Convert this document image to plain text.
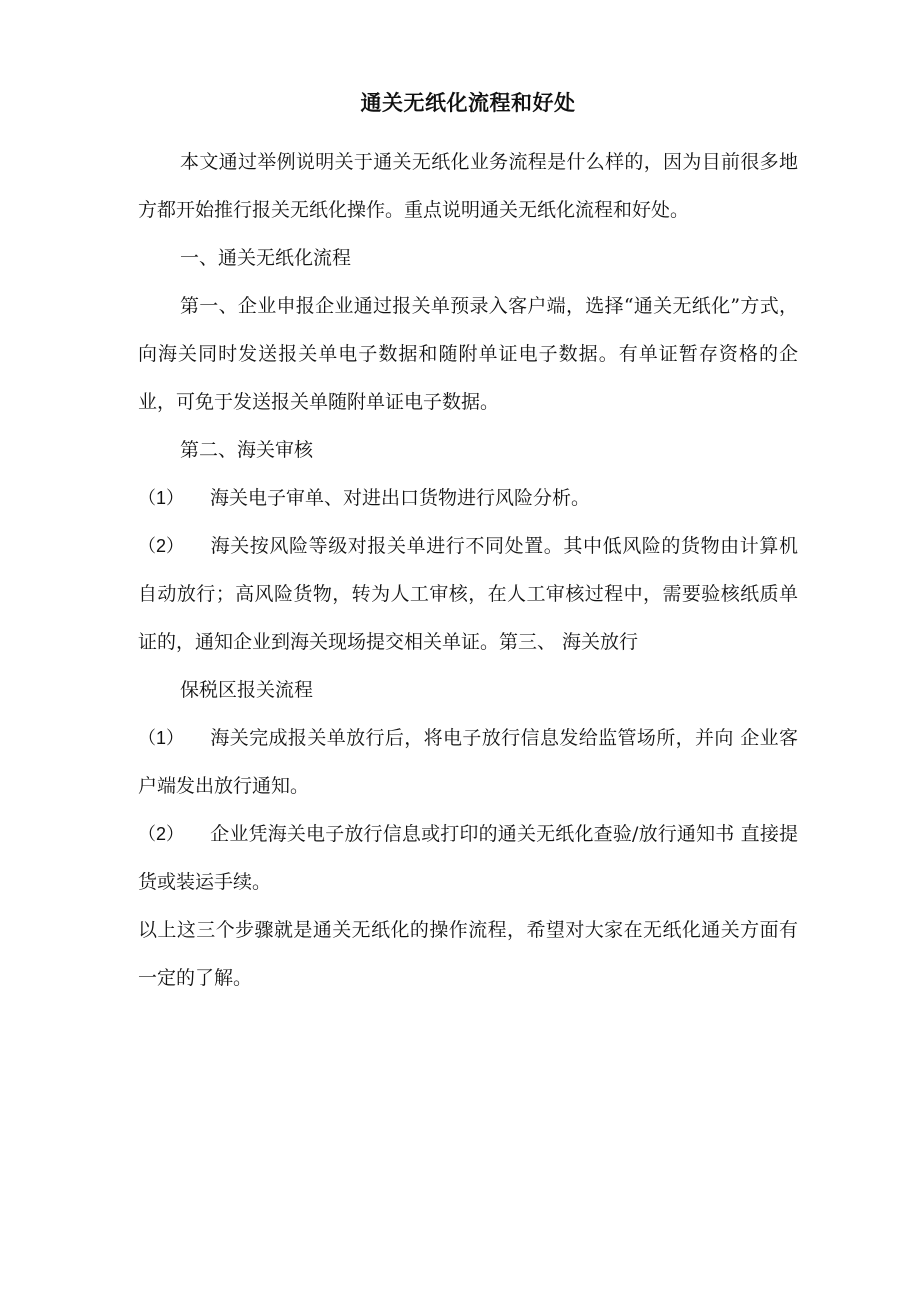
通关无纸化流程和好处

本文通过举例说明关于通关无纸化业务流程是什么样的，因为目前很多地方都开始推行报关无纸化操作。重点说明通关无纸化流程和好处。

一、通关无纸化流程

第一、企业申报企业通过报关单预录入客户端，选择“通关无纸化”方式，向海关同时发送报关单电子数据和随附单证电子数据。有单证暂存资格的企业，可免于发送报关单随附单证电子数据。

第二、海关审核

（1） 海关电子审单、对进出口货物进行风险分析。

（2） 海关按风险等级对报关单进行不同处置。其中低风险的货物由计算机自动放行；高风险货物，转为人工审核，在人工审核过程中，需要验核纸质单证的，通知企业到海关现场提交相关单证。第三、 海关放行

保税区报关流程

（1） 海关完成报关单放行后，将电子放行信息发给监管场所，并向 企业客户端发出放行通知。

（2） 企业凭海关电子放行信息或打印的通关无纸化查验/放行通知书 直接提货或装运手续。

以上这三个步骤就是通关无纸化的操作流程，希望对大家在无纸化通关方面有一定的了解。
